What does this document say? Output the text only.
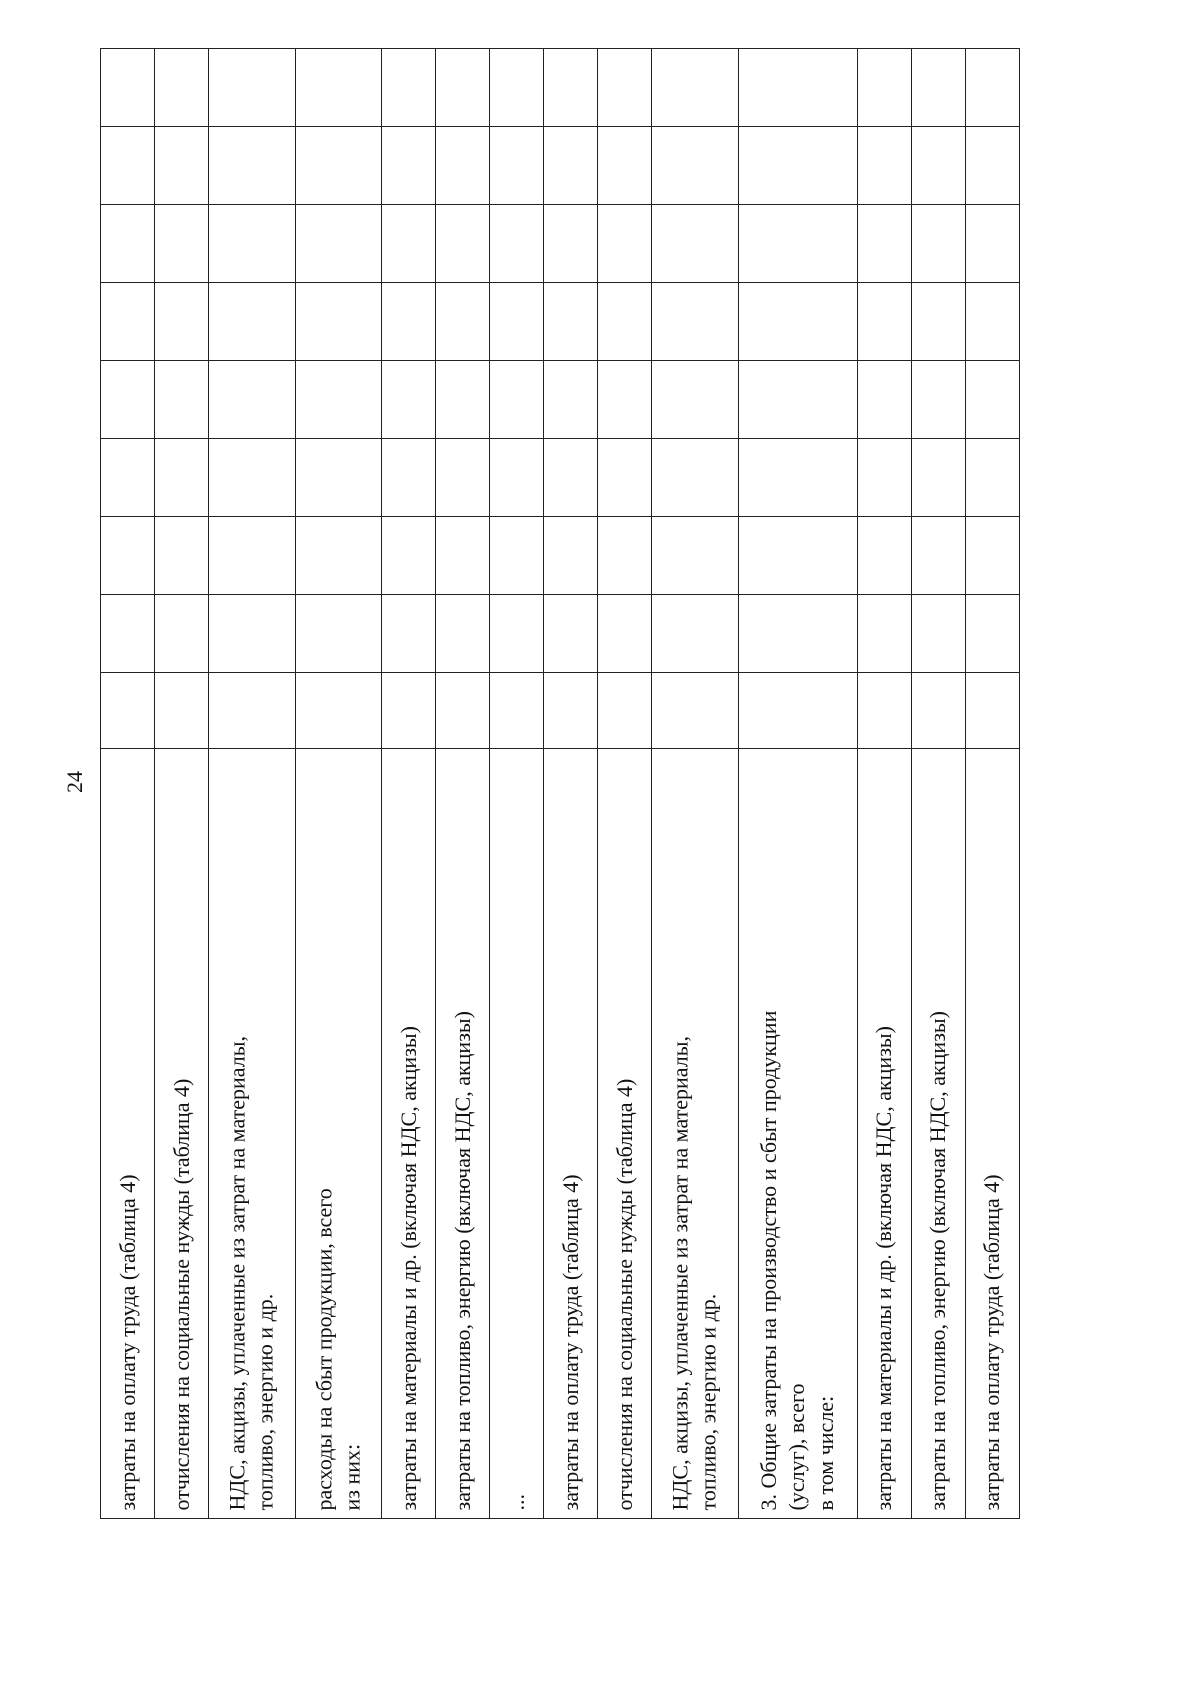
24
									затраты на оплату труда (таблица 4)
									затраты на топливо, энергию (включая НДС, акцизы)
									затраты на материалы и др. (включая НДС, акцизы)
									3. Общие затраты на производство и сбыт продукции
(услуг), всего
в том числе:
									НДС, акцизы, уплаченные из затрат на материалы,
топливо, энергию и др.
									отчисления на социальные нужды (таблица 4)
									затраты на оплату труда (таблица 4)
									...
									затраты на топливо, энергию (включая НДС, акцизы)
									затраты на материалы и др. (включая НДС, акцизы)
									расходы на сбыт продукции, всего
из них:
									НДС, акцизы, уплаченные из затрат на материалы,
топливо, энергию и др.
									отчисления на социальные нужды (таблица 4)
									затраты на оплату труда (таблица 4)
